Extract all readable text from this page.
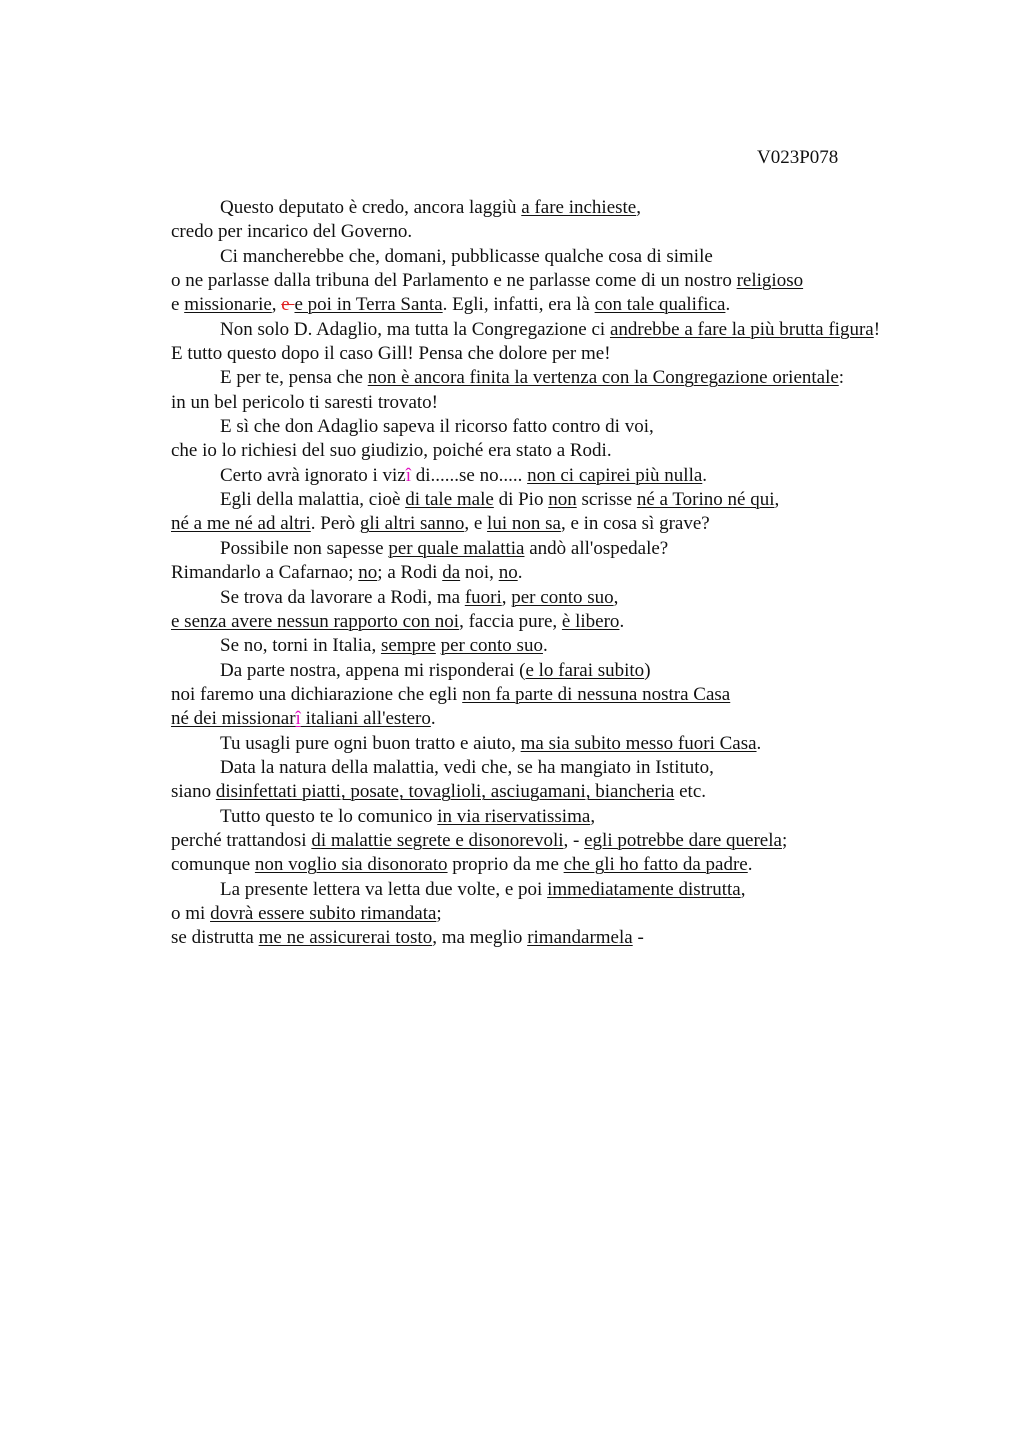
V023P078
Questo deputato è credo, ancora laggiù a fare inchieste,
credo per incarico del Governo.
Ci mancherebbe che, domani, pubblicasse qualche cosa di simile
o ne parlasse dalla tribuna del Parlamento e ne parlasse come di un nostro religioso
e missionarie, e e poi in Terra Santa. Egli, infatti, era là con tale qualifica.
Non solo D. Adaglio, ma tutta la Congregazione ci andrebbe a fare la più brutta figura!
E tutto questo dopo il caso Gill! Pensa che dolore per me!
E per te, pensa che non è ancora finita la vertenza con la Congregazione orientale:
in un bel pericolo ti saresti trovato!
E sì che don Adaglio sapeva il ricorso fatto contro di voi,
che io lo richiesi del suo giudizio, poiché era stato a Rodi.
Certo avrà ignorato i vizî di......se no..... non ci capirei più nulla.
Egli della malattia, cioè di tale male di Pio non scrisse né a Torino né qui,
né a me né ad altri. Però gli altri sanno, e lui non sa, e in cosa sì grave?
Possibile non sapesse per quale malattia andò all'ospedale?
Rimandarlo a Cafarnao; no; a Rodi da noi, no.
Se trova da lavorare a Rodi, ma fuori, per conto suo,
e senza avere nessun rapporto con noi, faccia pure, è libero.
Se no, torni in Italia, sempre per conto suo.
Da parte nostra, appena mi risponderai (e lo farai subito)
noi faremo una dichiarazione che egli non fa parte di nessuna nostra Casa
né dei missionarî italiani all'estero.
Tu usagli pure ogni buon tratto e aiuto, ma sia subito messo fuori Casa.
Data la natura della malattia, vedi che, se ha mangiato in Istituto,
siano disinfettati piatti, posate, tovaglioli, asciugamani, biancheria etc.
Tutto questo te lo comunico in via riservatissima,
perché trattandosi di malattie segrete e disonorevoli, - egli potrebbe dare querela;
comunque non voglio sia disonorato proprio da me che gli ho fatto da padre.
La presente lettera va letta due volte, e poi immediatamente distrutta,
o mi dovrà essere subito rimandata;
se distrutta me ne assicurerai tosto, ma meglio rimandarmela -
